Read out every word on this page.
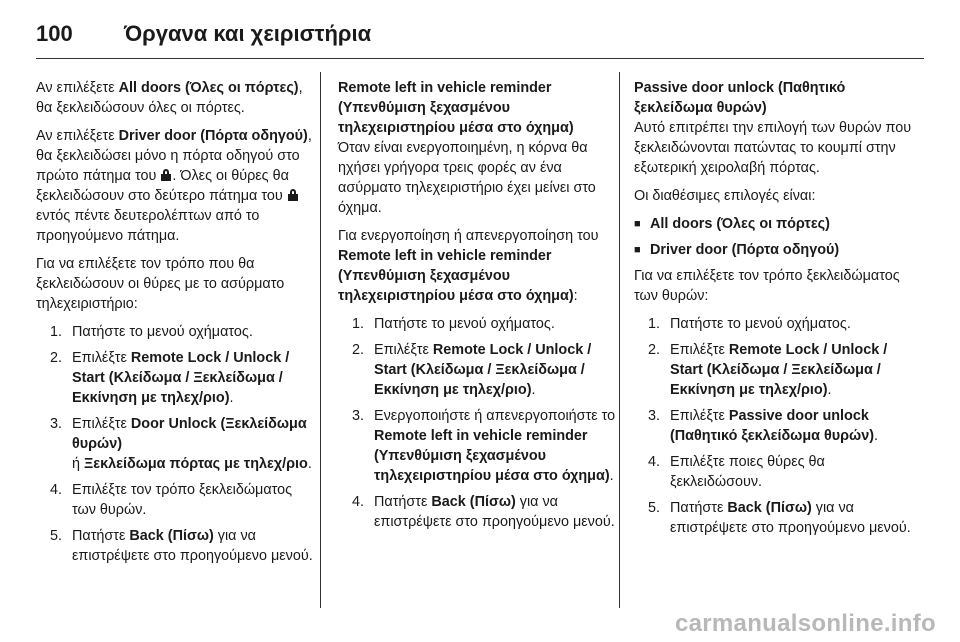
100	Όργανα και χειριστήρια

Αν επιλέξετε All doors (Όλες οι πόρτες), θα ξεκλειδώσουν όλες οι πόρτες.

Αν επιλέξετε Driver door (Πόρτα οδηγού), θα ξεκλειδώσει μόνο η πόρτα οδηγού στο πρώτο πάτημα του . Όλες οι θύρες θα ξεκλειδώσουν στο δεύτερο πάτημα του  εντός πέντε δευτερολέπτων από το προηγούμενο πάτημα.

Για να επιλέξετε τον τρόπο που θα ξεκλειδώσουν οι θύρες με το ασύρματο τηλεχειριστήριο:

1. Πατήστε το μενού οχήματος.
2. Επιλέξτε Remote Lock / Unlock / Start (Κλείδωμα / Ξεκλείδωμα / Εκκίνηση με τηλεχ/ριο).
3. Επιλέξτε Door Unlock (Ξεκλείδωμα θυρών)
ή Ξεκλείδωμα πόρτας με τηλεχ/ριο.
4. Επιλέξτε τον τρόπο ξεκλειδώματος των θυρών.
5. Πατήστε Back (Πίσω) για να επιστρέψετε στο προηγούμενο μενού.

Remote left in vehicle reminder (Υπενθύμιση ξεχασμένου τηλεχειριστηρίου μέσα στο όχημα)

Όταν είναι ενεργοποιημένη, η κόρνα θα ηχήσει γρήγορα τρεις φορές αν ένα ασύρματο τηλεχειριστήριο έχει μείνει στο όχημα.

Για ενεργοποίηση ή απενεργοποίηση του Remote left in vehicle reminder (Υπενθύμιση ξεχασμένου τηλεχειριστηρίου μέσα στο όχημα):

1. Πατήστε το μενού οχήματος.
2. Επιλέξτε Remote Lock / Unlock / Start (Κλείδωμα / Ξεκλείδωμα / Εκκίνηση με τηλεχ/ριο).
3. Ενεργοποιήστε ή απενεργοποιήστε το Remote left in vehicle reminder (Υπενθύμιση ξεχασμένου τηλεχειριστηρίου μέσα στο όχημα).
4. Πατήστε Back (Πίσω) για να επιστρέψετε στο προηγούμενο μενού.

Passive door unlock (Παθητικό ξεκλείδωμα θυρών)

Αυτό επιτρέπει την επιλογή των θυρών που ξεκλειδώνονται πατώντας το κουμπί στην εξωτερική χειρολαβή πόρτας.

Οι διαθέσιμες επιλογές είναι:

■ All doors (Όλες οι πόρτες)
■ Driver door (Πόρτα οδηγού)

Για να επιλέξετε τον τρόπο ξεκλειδώματος των θυρών:

1. Πατήστε το μενού οχήματος.
2. Επιλέξτε Remote Lock / Unlock / Start (Κλείδωμα / Ξεκλείδωμα / Εκκίνηση με τηλεχ/ριο).
3. Επιλέξτε Passive door unlock (Παθητικό ξεκλείδωμα θυρών).
4. Επιλέξτε ποιες θύρες θα ξεκλειδώσουν.
5. Πατήστε Back (Πίσω) για να επιστρέψετε στο προηγούμενο μενού.
carmanualsonline.info
